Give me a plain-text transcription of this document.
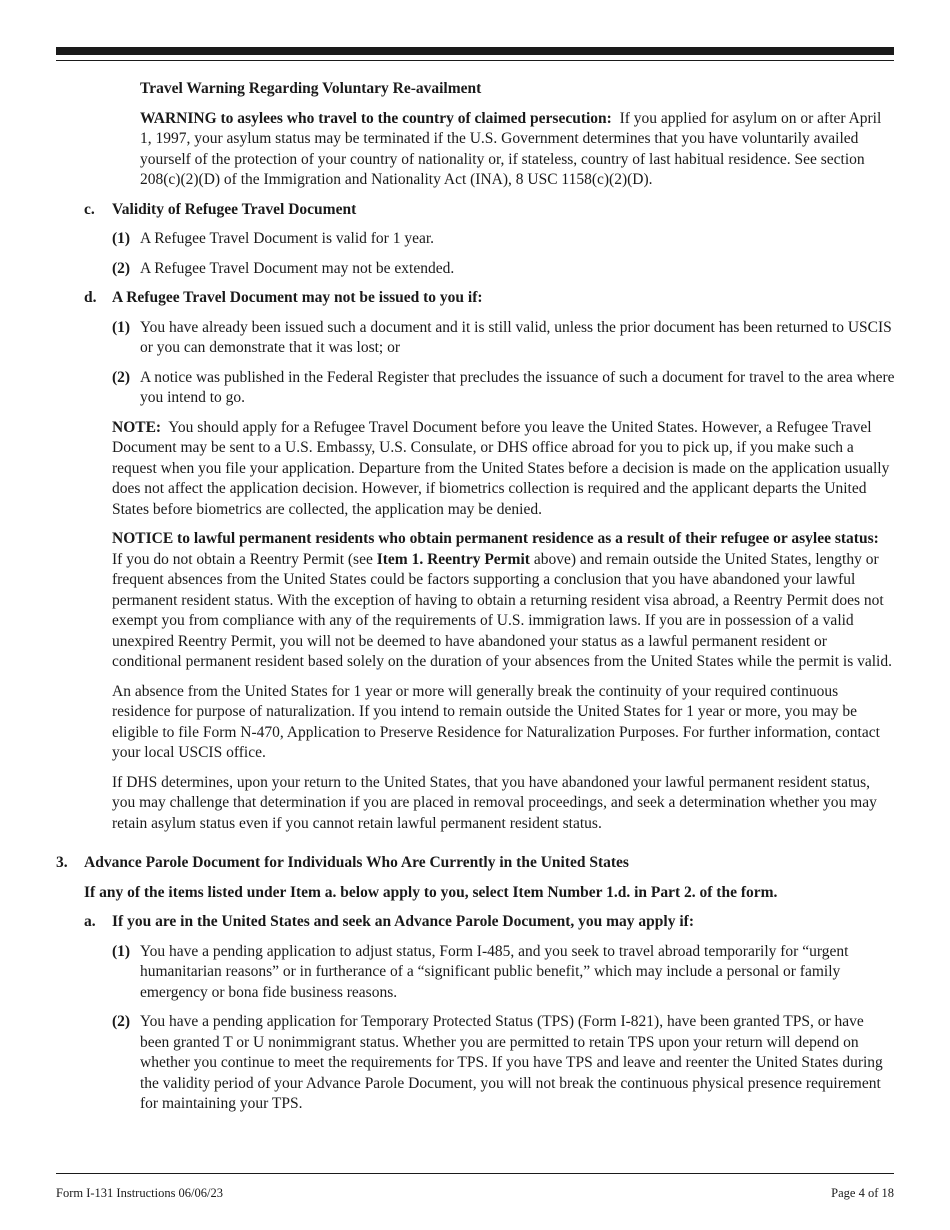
Travel Warning Regarding Voluntary Re-availment

WARNING to asylees who travel to the country of claimed persecution: If you applied for asylum on or after April 1, 1997, your asylum status may be terminated if the U.S. Government determines that you have voluntarily availed yourself of the protection of your country of nationality or, if stateless, country of last habitual residence. See section 208(c)(2)(D) of the Immigration and Nationality Act (INA), 8 USC 1158(c)(2)(D).

c. Validity of Refugee Travel Document
(1) A Refugee Travel Document is valid for 1 year.
(2) A Refugee Travel Document may not be extended.
d. A Refugee Travel Document may not be issued to you if:
(1) You have already been issued such a document and it is still valid, unless the prior document has been returned to USCIS or you can demonstrate that it was lost; or
(2) A notice was published in the Federal Register that precludes the issuance of such a document for travel to the area where you intend to go.

NOTE: You should apply for a Refugee Travel Document before you leave the United States. However, a Refugee Travel Document may be sent to a U.S. Embassy, U.S. Consulate, or DHS office abroad for you to pick up, if you make such a request when you file your application. Departure from the United States before a decision is made on the application usually does not affect the application decision. However, if biometrics collection is required and the applicant departs the United States before biometrics are collected, the application may be denied.

NOTICE to lawful permanent residents who obtain permanent residence as a result of their refugee or asylee status:  If you do not obtain a Reentry Permit (see Item 1. Reentry Permit above) and remain outside the United States, lengthy or frequent absences from the United States could be factors supporting a conclusion that you have abandoned your lawful permanent resident status. With the exception of having to obtain a returning resident visa abroad, a Reentry Permit does not exempt you from compliance with any of the requirements of U.S. immigration laws. If you are in possession of a valid unexpired Reentry Permit, you will not be deemed to have abandoned your status as a lawful permanent resident or conditional permanent resident based solely on the duration of your absences from the United States while the permit is valid.

An absence from the United States for 1 year or more will generally break the continuity of your required continuous residence for purpose of naturalization. If you intend to remain outside the United States for 1 year or more, you may be eligible to file Form N-470, Application to Preserve Residence for Naturalization Purposes. For further information, contact your local USCIS office.

If DHS determines, upon your return to the United States, that you have abandoned your lawful permanent resident status, you may challenge that determination if you are placed in removal proceedings, and seek a determination whether you may retain asylum status even if you cannot retain lawful permanent resident status.

3. Advance Parole Document for Individuals Who Are Currently in the United States

If any of the items listed under Item a. below apply to you, select Item Number 1.d. in Part 2. of the form.

a. If you are in the United States and seek an Advance Parole Document, you may apply if:
(1) You have a pending application to adjust status, Form I-485, and you seek to travel abroad temporarily for “urgent humanitarian reasons” or in furtherance of a “significant public benefit,” which may include a personal or family emergency or bona fide business reasons.
(2) You have a pending application for Temporary Protected Status (TPS) (Form I-821), have been granted TPS, or have been granted T or U nonimmigrant status. Whether you are permitted to retain TPS upon your return will depend on whether you continue to meet the requirements for TPS. If you have TPS and leave and reenter the United States during the validity period of your Advance Parole Document, you will not break the continuous physical presence requirement for maintaining your TPS.
Form I-131 Instructions 06/06/23	Page 4 of 18
